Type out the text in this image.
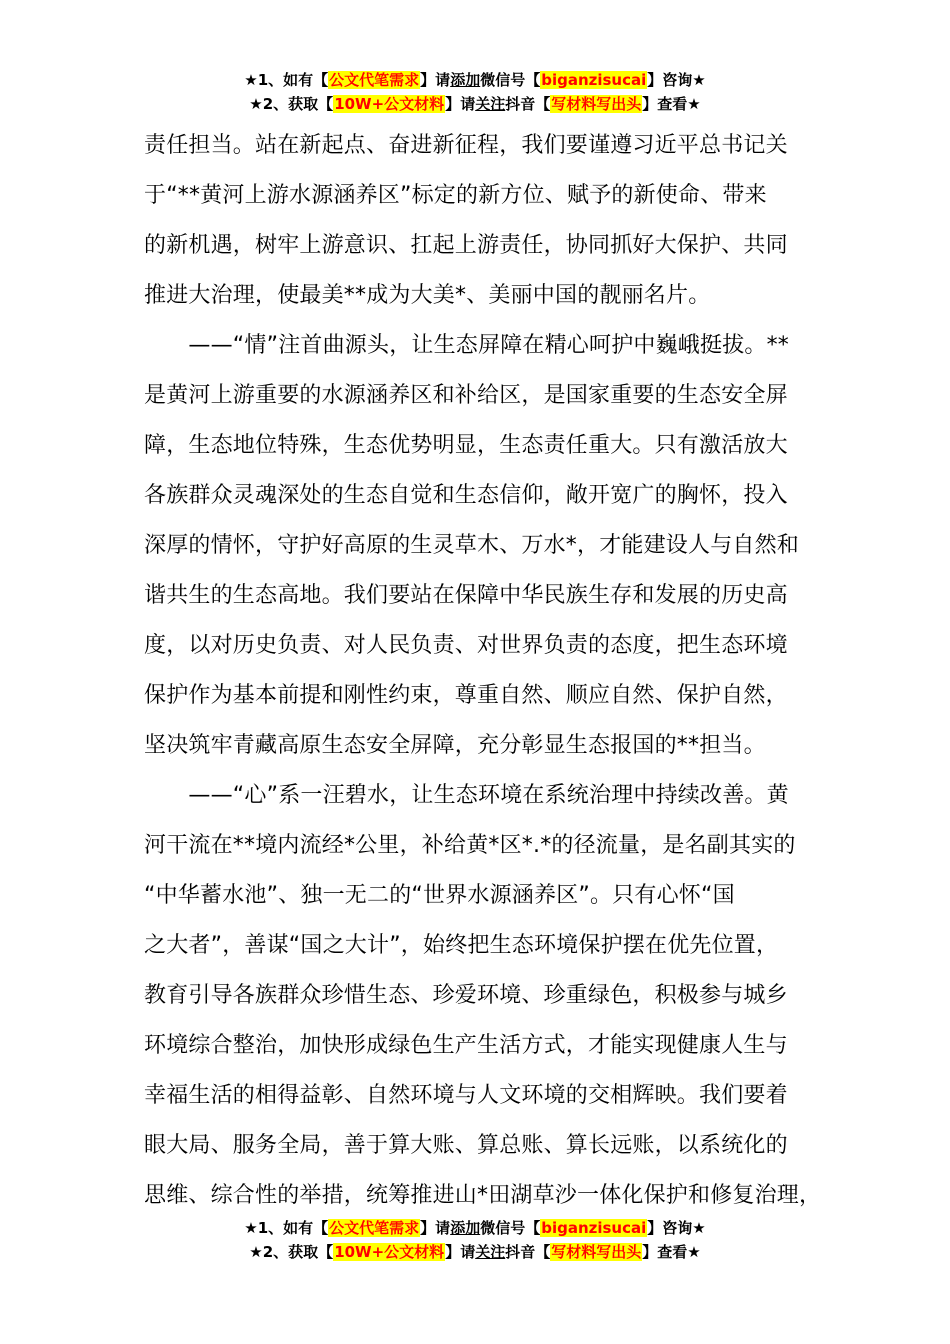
★1、如有【公文代笔需求】请添加微信号【biganzisucai】咨询★
★2、获取【10W+公文材料】请关注抖音【写材料写出头】查看★
责任担当。站在新起点、奋进新征程，我们要谨遵习近平总书记关
于“**黄河上游水源涵养区”标定的新方位、赋予的新使命、带来
的新机遇，树牢上游意识、扛起上游责任，协同抓好大保护、共同
推进大治理，使最美**成为大美*、美丽中国的靓丽名片。
　　——“情”注首曲源头，让生态屏障在精心呵护中巍峨挺拔。**
是黄河上游重要的水源涵养区和补给区，是国家重要的生态安全屏
障，生态地位特殊，生态优势明显，生态责任重大。只有激活放大
各族群众灵魂深处的生态自觉和生态信仰，敞开宽广的胸怀，投入
深厚的情怀，守护好高原的生灵草木、万水*，才能建设人与自然和
谐共生的生态高地。我们要站在保障中华民族生存和发展的历史高
度，以对历史负责、对人民负责、对世界负责的态度，把生态环境
保护作为基本前提和刚性约束，尊重自然、顺应自然、保护自然，
坚决筑牢青藏高原生态安全屏障，充分彰显生态报国的**担当。
　　——“心”系一汪碧水，让生态环境在系统治理中持续改善。黄
河干流在**境内流经*公里，补给黄*区*.*的径流量，是名副其实的
“中华蓄水池”、独一无二的“世界水源涵养区”。只有心怀“国
之大者”，善谋“国之大计”，始终把生态环境保护摆在优先位置，
教育引导各族群众珍惜生态、珍爱环境、珍重绿色，积极参与城乡
环境综合整治，加快形成绿色生产生活方式，才能实现健康人生与
幸福生活的相得益彰、自然环境与人文环境的交相辉映。我们要着
眼大局、服务全局，善于算大账、算总账、算长远账，以系统化的
思维、综合性的举措，统筹推进山*田湖草沙一体化保护和修复治理，
★1、如有【公文代笔需求】请添加微信号【biganzisucai】咨询★
★2、获取【10W+公文材料】请关注抖音【写材料写出头】查看★
